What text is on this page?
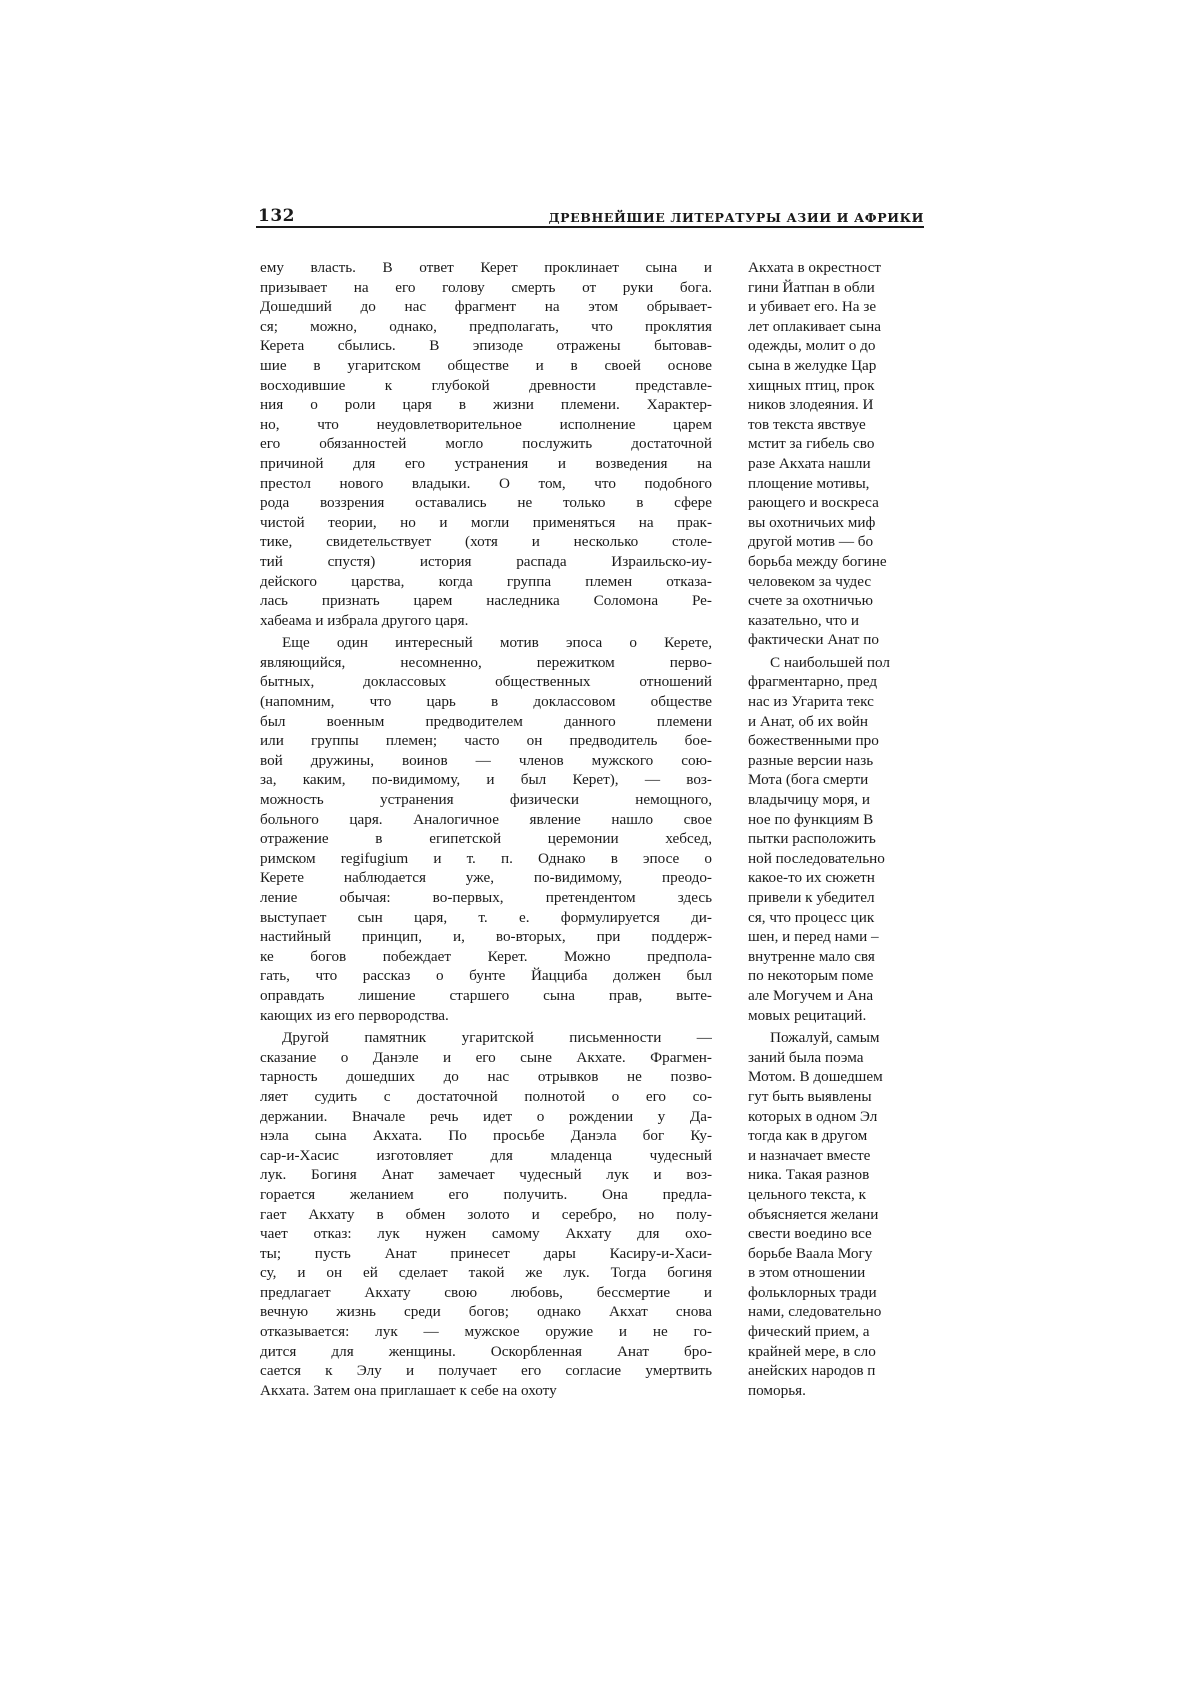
132	ДРЕВНЕЙШИЕ ЛИТЕРАТУРЫ АЗИИ И АФРИКИ
ему власть. В ответ Керет проклинает сына и
призывает на его голову смерть от руки бога.
Дошедший до нас фрагмент на этом обрывает-
ся; можно, однако, предполагать, что проклятия
Керета сбылись. В эпизоде отражены бытовав-
шие в угаритском обществе и в своей основе
восходившие к глубокой древности представле-
ния о роли царя в жизни племени. Характер-
но, что неудовлетворительное исполнение царем
его обязанностей могло послужить достаточной
причиной для его устранения и возведения на
престол нового владыки. О том, что подобного
рода воззрения оставались не только в сфере
чистой теории, но и могли применяться на прак-
тике, свидетельствует (хотя и несколько столе-
тий спустя) история распада Израильско-иу-
дейского царства, когда группа племен отказа-
лась признать царем наследника Соломона Ре-
хабеама и избрала другого царя.
Еще один интересный мотив эпоса о Керете,
являющийся, несомненно, пережитком перво-
бытных, доклассовых общественных отношений
(напомним, что царь в доклассовом обществе
был военным предводителем данного племени
или группы племен; часто он предводитель бое-
вой дружины, воинов — членов мужского сою-
за, каким, по-видимому, и был Керет), — воз-
можность устранения физически немощного,
больного царя. Аналогичное явление нашло свое
отражение в египетской церемонии хебсед,
римском regifugium и т. п. Однако в эпосе о
Керете наблюдается уже, по-видимому, преодо-
ление обычая: во-первых, претендентом здесь
выступает сын царя, т. е. формулируется ди-
настийный принцип, и, во-вторых, при поддерж-
ке богов побеждает Керет. Можно предпола-
гать, что рассказ о бунте Йацциба должен был
оправдать лишение старшего сына прав, выте-
кающих из его первородства.
Другой памятник угаритской письменности —
сказание о Данэле и его сыне Акхате. Фрагмен-
тарность дошедших до нас отрывков не позво-
ляет судить с достаточной полнотой о его со-
держании. Вначале речь идет о рождении у Да-
нэла сына Акхата. По просьбе Данэла бог Ку-
сар-и-Хасис изготовляет для младенца чудесный
лук. Богиня Анат замечает чудесный лук и воз-
горается желанием его получить. Она предла-
гает Акхату в обмен золото и серебро, но полу-
чает отказ: лук нужен самому Акхату для охо-
ты; пусть Анат принесет дары Касиру-и-Хаси-
су, и он ей сделает такой же лук. Тогда богиня
предлагает Акхату свою любовь, бессмертие и
вечную жизнь среди богов; однако Акхат снова
отказывается: лук — мужское оружие и не го-
дится для женщины. Оскорбленная Анат бро-
сается к Элу и получает его согласие умертвить
Акхата. Затем она приглашает к себе на охоту
Акхата в окрестност
гини Йатпан в обли
и убивает его. На зе
лет оплакивает сына
одежды, молит о до
сына в желудке Цар
хищных птиц, прок
ников злодеяния. И
тов текста явствуе
мстит за гибель сво
разе Акхата нашли
площение мотивы,
рающего и воскреса
вы охотничьих миф
другой мотив — бо
борьба между богине
человеком за чудес
счете за охотничью
казательно, что и
фактически Анат по
С наибольшей пол
фрагментарно, пред
нас из Угарита текс
и Анат, об их войн
божественными про
разные версии назь
Мота (бога смерти
владычицу моря, и
ное по функциям В
пытки расположить
ной последовательно
какое-то их сюжетн
привели к убедител
ся, что процесс цик
шен, и перед нами –
внутренне мало свя
по некоторым поме
але Могучем и Ана
мовых рецитаций.
Пожалуй, самым
заний была поэма
Мотом. В дошедшем
гут быть выявлены
которых в одном Эл
тогда как в другом
и назначает вместе
ника. Такая разнов
цельного текста, к
объясняется желани
свести воедино все
борьбе Ваала Могу
в этом отношении
фольклорных тради
нами, следовательно
фический прием, а
крайней мере, в сло
анейских народов п
поморья.
